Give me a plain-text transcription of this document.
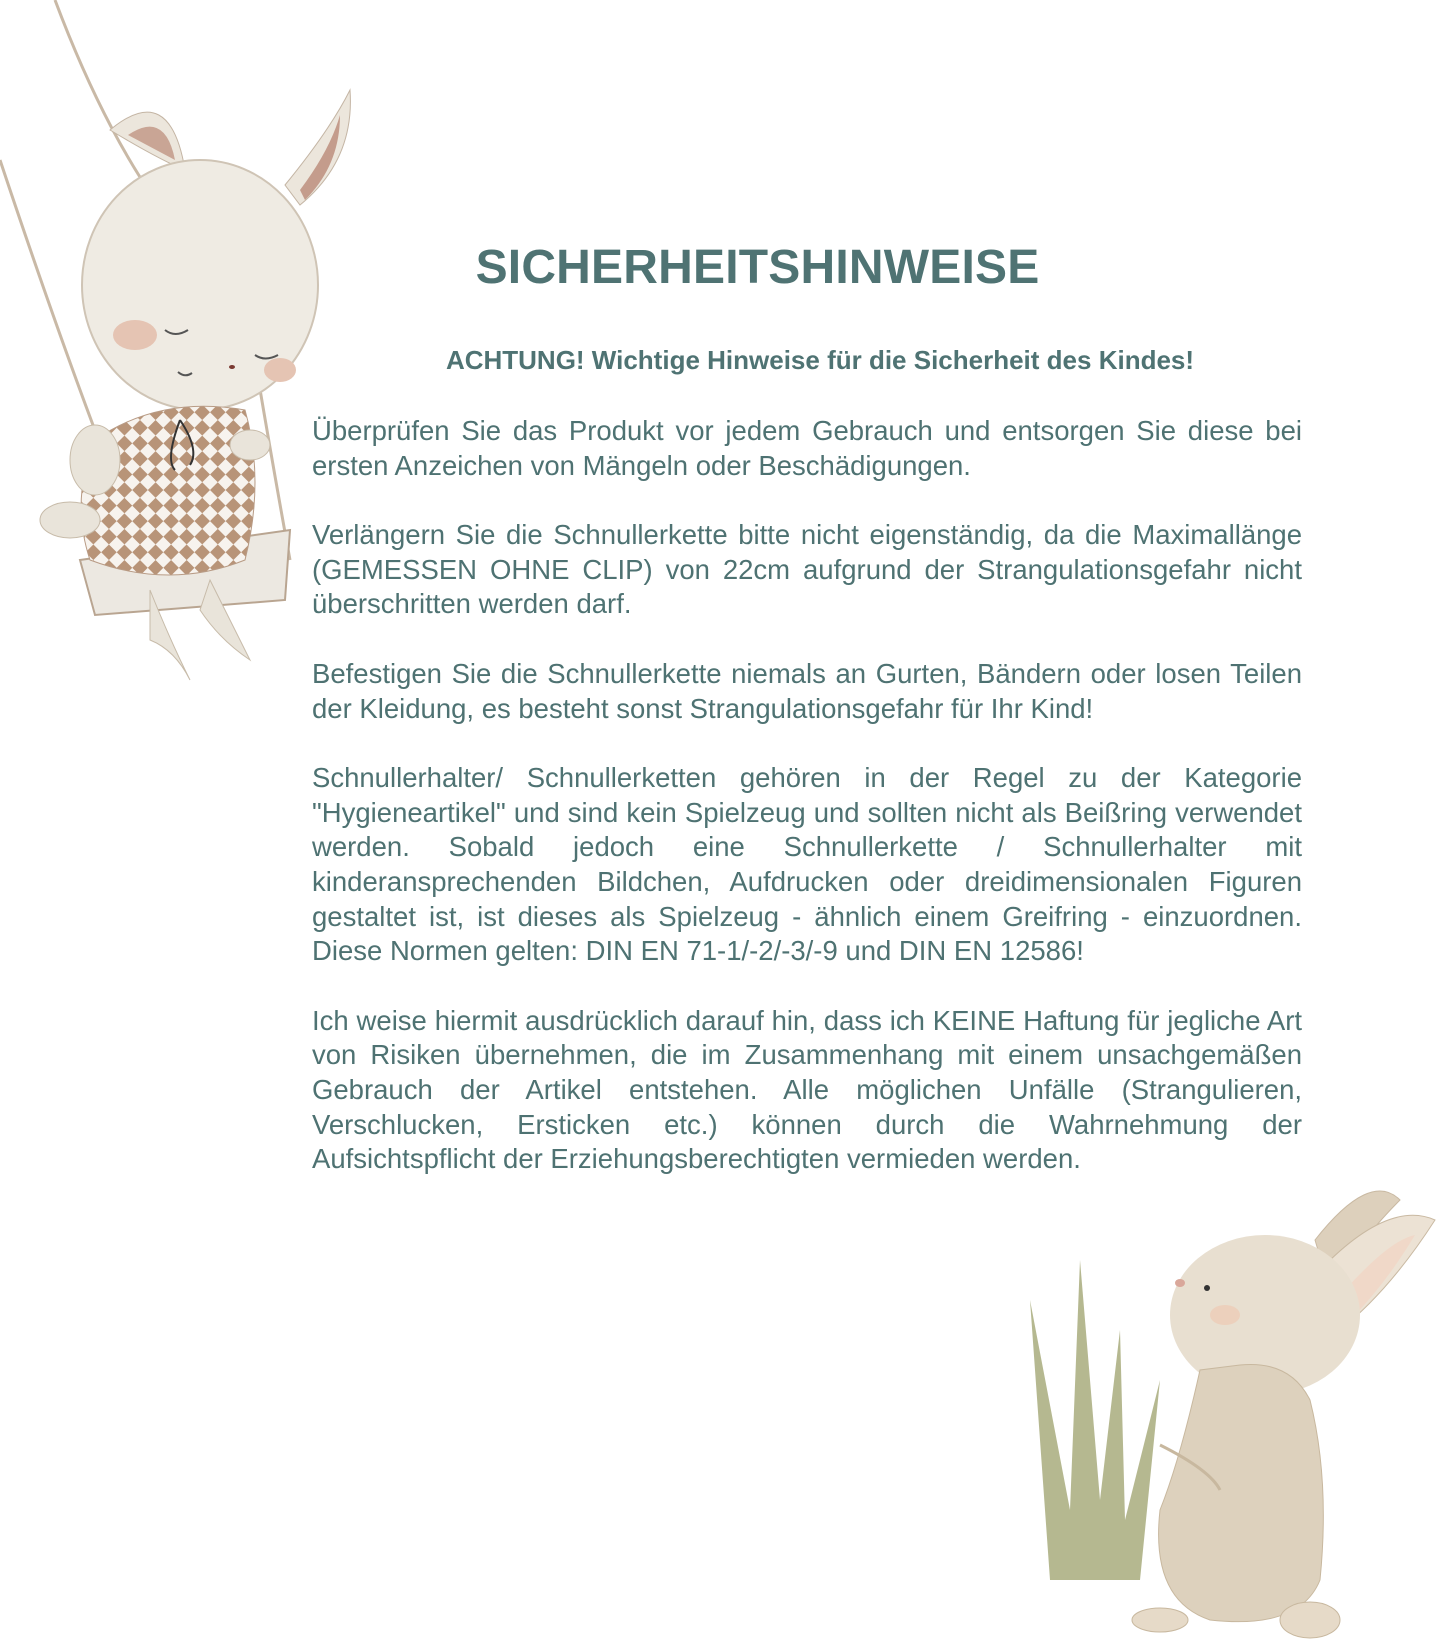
SICHERHEITSHINWEISE
ACHTUNG! Wichtige Hinweise für die Sicherheit des Kindes!

Überprüfen Sie das Produkt vor jedem Gebrauch und entsorgen Sie diese bei ersten Anzeichen von Mängeln oder Beschädigungen.

Verlängern Sie die Schnullerkette bitte nicht eigenständig, da die Maximallänge (GEMESSEN OHNE CLIP) von 22cm aufgrund der Strangulationsgefahr nicht überschritten werden darf.

Befestigen Sie die Schnullerkette niemals an Gurten, Bändern oder losen Teilen der Kleidung, es besteht sonst Strangulationsgefahr für Ihr Kind!

Schnullerhalter/ Schnullerketten gehören in der Regel zu der Kategorie "Hygieneartikel" und sind kein Spielzeug und sollten nicht als Beißring verwendet werden. Sobald jedoch eine Schnullerkette / Schnullerhalter mit kinderansprechenden Bildchen, Aufdrucken oder dreidimensionalen Figuren gestaltet ist, ist dieses als Spielzeug - ähnlich einem Greifring - einzuordnen. Diese Normen gelten: DIN EN 71-1/-2/-3/-9 und DIN EN 12586!

Ich weise hiermit ausdrücklich darauf hin, dass ich KEINE Haftung für jegliche Art von Risiken übernehmen, die im Zusammenhang mit einem unsachgemäßen Gebrauch der Artikel entstehen. Alle möglichen Unfälle (Strangulieren, Verschlucken, Ersticken etc.) können durch die Wahrnehmung der Aufsichtspflicht der Erziehungsberechtigten vermieden werden.
